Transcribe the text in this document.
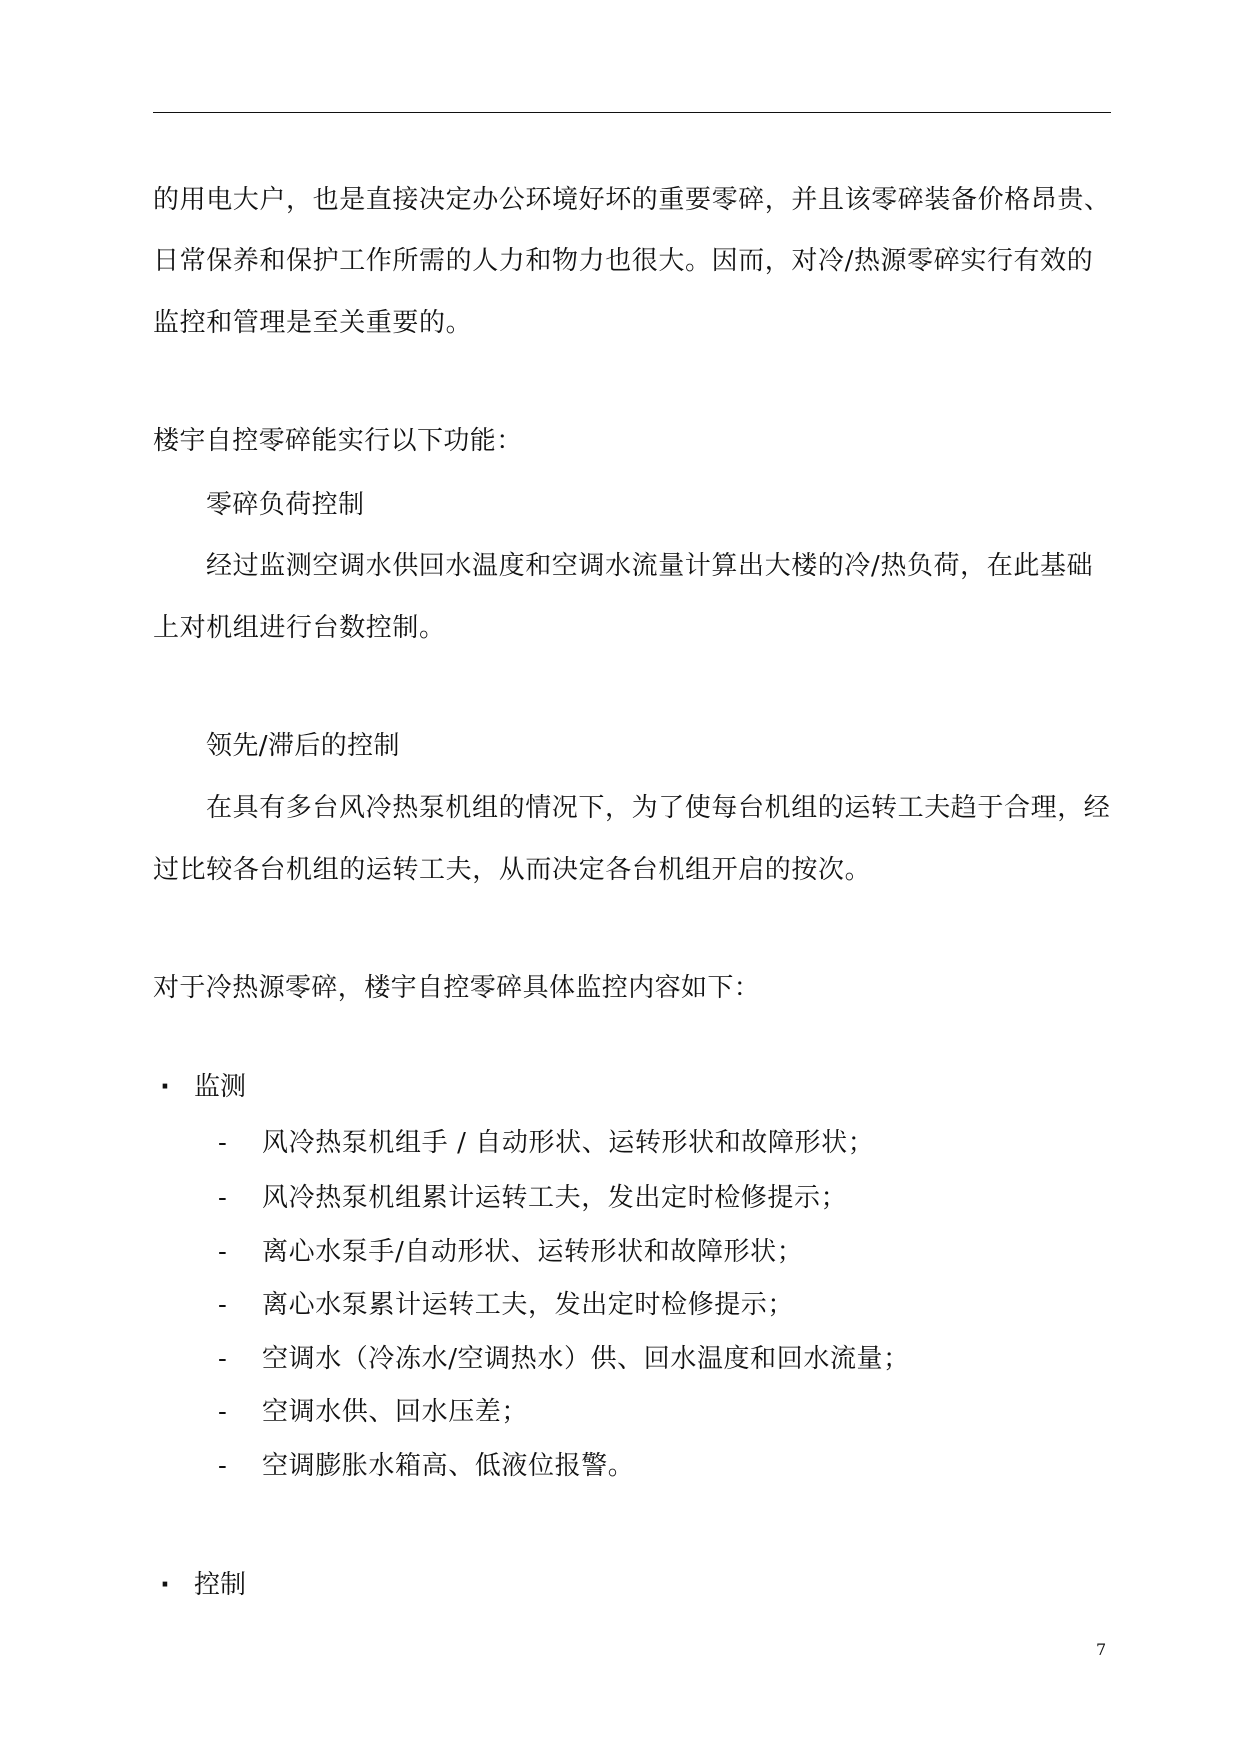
的用电大户，也是直接决定办公环境好坏的重要零碎，并且该零碎装备价格昂贵、
日常保养和保护工作所需的人力和物力也很大。因而，对冷/热源零碎实行有效的
监控和管理是至关重要的。
楼宇自控零碎能实行以下功能：
零碎负荷控制
经过监测空调水供回水温度和空调水流量计算出大楼的冷/热负荷，在此基础
上对机组进行台数控制。
领先/滞后的控制
在具有多台风冷热泵机组的情况下，为了使每台机组的运转工夫趋于合理，经
过比较各台机组的运转工夫，从而决定各台机组开启的按次。
对于冷热源零碎，楼宇自控零碎具体监控内容如下：
· 监测
- 风冷热泵机组手 / 自动形状、运转形状和故障形状；
- 风冷热泵机组累计运转工夫，发出定时检修提示；
- 离心水泵手/自动形状、运转形状和故障形状；
- 离心水泵累计运转工夫，发出定时检修提示；
- 空调水（冷冻水/空调热水）供、回水温度和回水流量；
- 空调水供、回水压差；
- 空调膨胀水箱高、低液位报警。
· 控制
7
